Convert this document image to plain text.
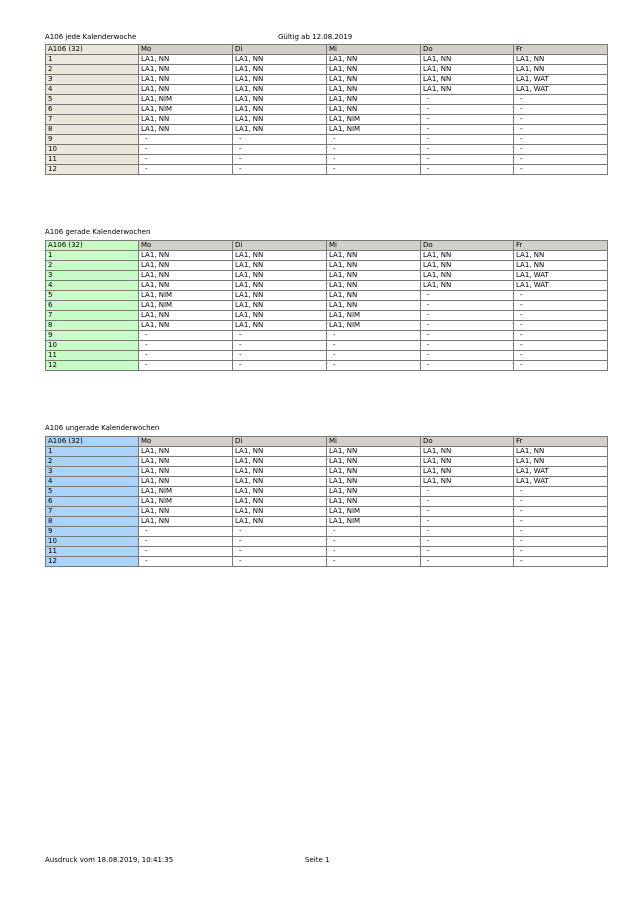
A106 jede Kalenderwoche	Gültig ab 12.08.2019
A106 (32)	Mo	Di	Mi	Do	Fr
1	LA1, NN	LA1, NN	LA1, NN	LA1, NN	LA1, NN
2	LA1, NN	LA1, NN	LA1, NN	LA1, NN	LA1, NN
3	LA1, NN	LA1, NN	LA1, NN	LA1, NN	LA1, WAT
4	LA1, NN	LA1, NN	LA1, NN	LA1, NN	LA1, WAT
5	LA1, NIM	LA1, NN	LA1, NN	-	-
6	LA1, NIM	LA1, NN	LA1, NN	-	-
7	LA1, NN	LA1, NN	LA1, NIM	-	-
8	LA1, NN	LA1, NN	LA1, NIM	-	-
9	-	-	-	-	-
10	-	-	-	-	-
11	-	-	-	-	-
12	-	-	-	-	-
A106 gerade Kalenderwochen
A106 (32)	Mo	Di	Mi	Do	Fr
1	LA1, NN	LA1, NN	LA1, NN	LA1, NN	LA1, NN
2	LA1, NN	LA1, NN	LA1, NN	LA1, NN	LA1, NN
3	LA1, NN	LA1, NN	LA1, NN	LA1, NN	LA1, WAT
4	LA1, NN	LA1, NN	LA1, NN	LA1, NN	LA1, WAT
5	LA1, NIM	LA1, NN	LA1, NN	-	-
6	LA1, NIM	LA1, NN	LA1, NN	-	-
7	LA1, NN	LA1, NN	LA1, NIM	-	-
8	LA1, NN	LA1, NN	LA1, NIM	-	-
9	-	-	-	-	-
10	-	-	-	-	-
11	-	-	-	-	-
12	-	-	-	-	-
A106 ungerade Kalenderwochen
A106 (32)	Mo	Di	Mi	Do	Fr
1	LA1, NN	LA1, NN	LA1, NN	LA1, NN	LA1, NN
2	LA1, NN	LA1, NN	LA1, NN	LA1, NN	LA1, NN
3	LA1, NN	LA1, NN	LA1, NN	LA1, NN	LA1, WAT
4	LA1, NN	LA1, NN	LA1, NN	LA1, NN	LA1, WAT
5	LA1, NIM	LA1, NN	LA1, NN	-	-
6	LA1, NIM	LA1, NN	LA1, NN	-	-
7	LA1, NN	LA1, NN	LA1, NIM	-	-
8	LA1, NN	LA1, NN	LA1, NIM	-	-
9	-	-	-	-	-
10	-	-	-	-	-
11	-	-	-	-	-
12	-	-	-	-	-
Ausdruck vom 18.08.2019, 10:41:35	Seite 1
